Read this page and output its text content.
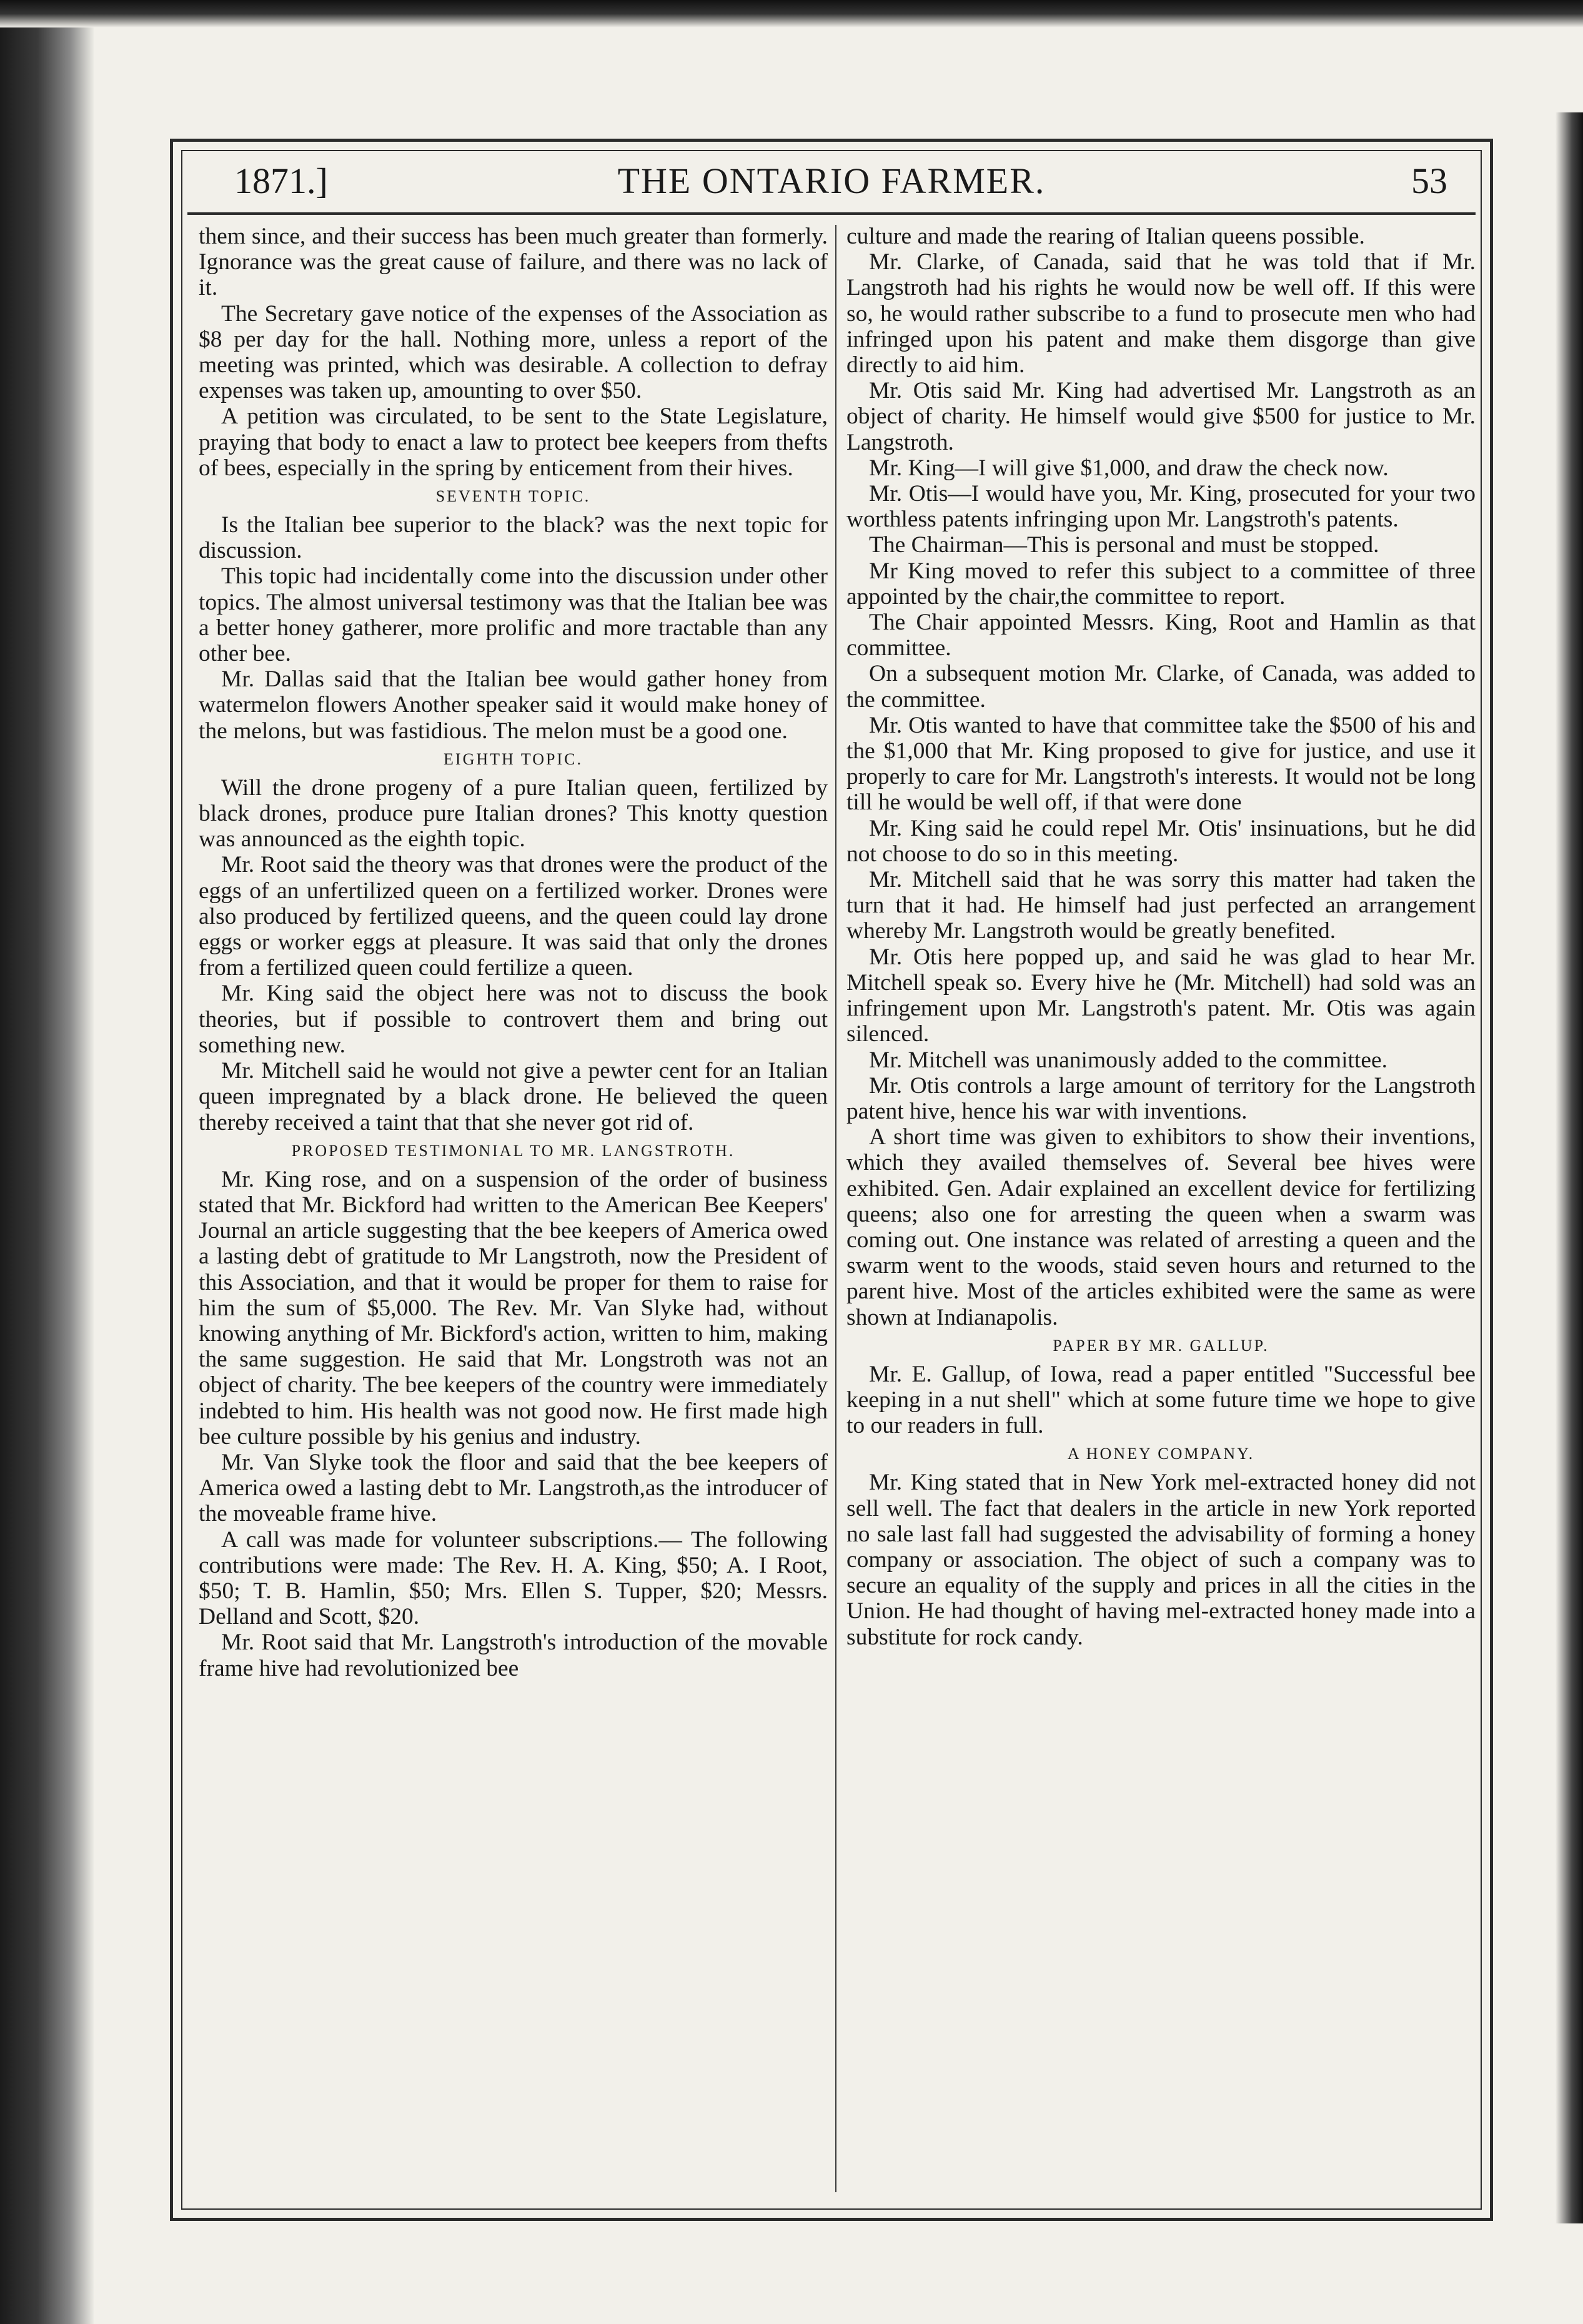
1871.]	THE ONTARIO FARMER.	53

them since, and their success has been much greater than formerly. Ignorance was the great cause of failure, and there was no lack of it.

The Secretary gave notice of the expenses of the Association as $8 per day for the hall. Nothing more, unless a report of the meeting was printed, which was desirable. A collection to defray expenses was taken up, amounting to over $50.

A petition was circulated, to be sent to the State Legislature, praying that body to enact a law to protect bee keepers from thefts of bees, especially in the spring by enticement from their hives.

SEVENTH TOPIC.

Is the Italian bee superior to the black? was the next topic for discussion.

This topic had incidentally come into the discussion under other topics. The almost universal testimony was that the Italian bee was a better honey gatherer, more prolific and more tractable than any other bee.

Mr. Dallas said that the Italian bee would gather honey from watermelon flowers Another speaker said it would make honey of the melons, but was fastidious. The melon must be a good one.

EIGHTH TOPIC.

Will the drone progeny of a pure Italian queen, fertilized by black drones, produce pure Italian drones? This knotty question was announced as the eighth topic.

Mr. Root said the theory was that drones were the product of the eggs of an unfertilized queen on a fertilized worker. Drones were also produced by fertilized queens, and the queen could lay drone eggs or worker eggs at pleasure. It was said that only the drones from a fertilized queen could fertilize a queen.

Mr. King said the object here was not to discuss the book theories, but if possible to controvert them and bring out something new.

Mr. Mitchell said he would not give a pewter cent for an Italian queen impregnated by a black drone. He believed the queen thereby received a taint that that she never got rid of.

PROPOSED TESTIMONIAL TO MR. LANGSTROTH.

Mr. King rose, and on a suspension of the order of business stated that Mr. Bickford had written to the American Bee Keepers' Journal an article suggesting that the bee keepers of America owed a lasting debt of gratitude to Mr Langstroth, now the President of this Association, and that it would be proper for them to raise for him the sum of $5,000. The Rev. Mr. Van Slyke had, without knowing anything of Mr. Bickford's action, written to him, making the same suggestion. He said that Mr. Longstroth was not an object of charity. The bee keepers of the country were immediately indebted to him. His health was not good now. He first made high bee culture possible by his genius and industry.

Mr. Van Slyke took the floor and said that the bee keepers of America owed a lasting debt to Mr. Langstroth,as the introducer of the moveable frame hive.

A call was made for volunteer subscriptions.— The following contributions were made: The Rev. H. A. King, $50; A. I Root, $50; T. B. Hamlin, $50; Mrs. Ellen S. Tupper, $20; Messrs. Delland and Scott, $20.

Mr. Root said that Mr. Langstroth's introduction of the movable frame hive had revolutionized bee

culture and made the rearing of Italian queens possible.

Mr. Clarke, of Canada, said that he was told that if Mr. Langstroth had his rights he would now be well off. If this were so, he would rather subscribe to a fund to prosecute men who had infringed upon his patent and make them disgorge than give directly to aid him.

Mr. Otis said Mr. King had advertised Mr. Langstroth as an object of charity. He himself would give $500 for justice to Mr. Langstroth.

Mr. King—I will give $1,000, and draw the check now.

Mr. Otis—I would have you, Mr. King, prosecuted for your two worthless patents infringing upon Mr. Langstroth's patents.

The Chairman—This is personal and must be stopped.

Mr King moved to refer this subject to a committee of three appointed by the chair,the committee to report.

The Chair appointed Messrs. King, Root and Hamlin as that committee.

On a subsequent motion Mr. Clarke, of Canada, was added to the committee.

Mr. Otis wanted to have that committee take the $500 of his and the $1,000 that Mr. King proposed to give for justice, and use it properly to care for Mr. Langstroth's interests. It would not be long till he would be well off, if that were done

Mr. King said he could repel Mr. Otis' insinuations, but he did not choose to do so in this meeting.

Mr. Mitchell said that he was sorry this matter had taken the turn that it had. He himself had just perfected an arrangement whereby Mr. Langstroth would be greatly benefited.

Mr. Otis here popped up, and said he was glad to hear Mr. Mitchell speak so. Every hive he (Mr. Mitchell) had sold was an infringement upon Mr. Langstroth's patent. Mr. Otis was again silenced.

Mr. Mitchell was unanimously added to the committee.

Mr. Otis controls a large amount of territory for the Langstroth patent hive, hence his war with inventions.

A short time was given to exhibitors to show their inventions, which they availed themselves of. Several bee hives were exhibited. Gen. Adair explained an excellent device for fertilizing queens; also one for arresting the queen when a swarm was coming out. One instance was related of arresting a queen and the swarm went to the woods, staid seven hours and returned to the parent hive. Most of the articles exhibited were the same as were shown at Indianapolis.

PAPER BY MR. GALLUP.

Mr. E. Gallup, of Iowa, read a paper entitled "Successful bee keeping in a nut shell" which at some future time we hope to give to our readers in full.

A HONEY COMPANY.

Mr. King stated that in New York mel-extracted honey did not sell well. The fact that dealers in the article in new York reported no sale last fall had suggested the advisability of forming a honey company or association. The object of such a company was to secure an equality of the supply and prices in all the cities in the Union. He had thought of having mel-extracted honey made into a substitute for rock candy.
